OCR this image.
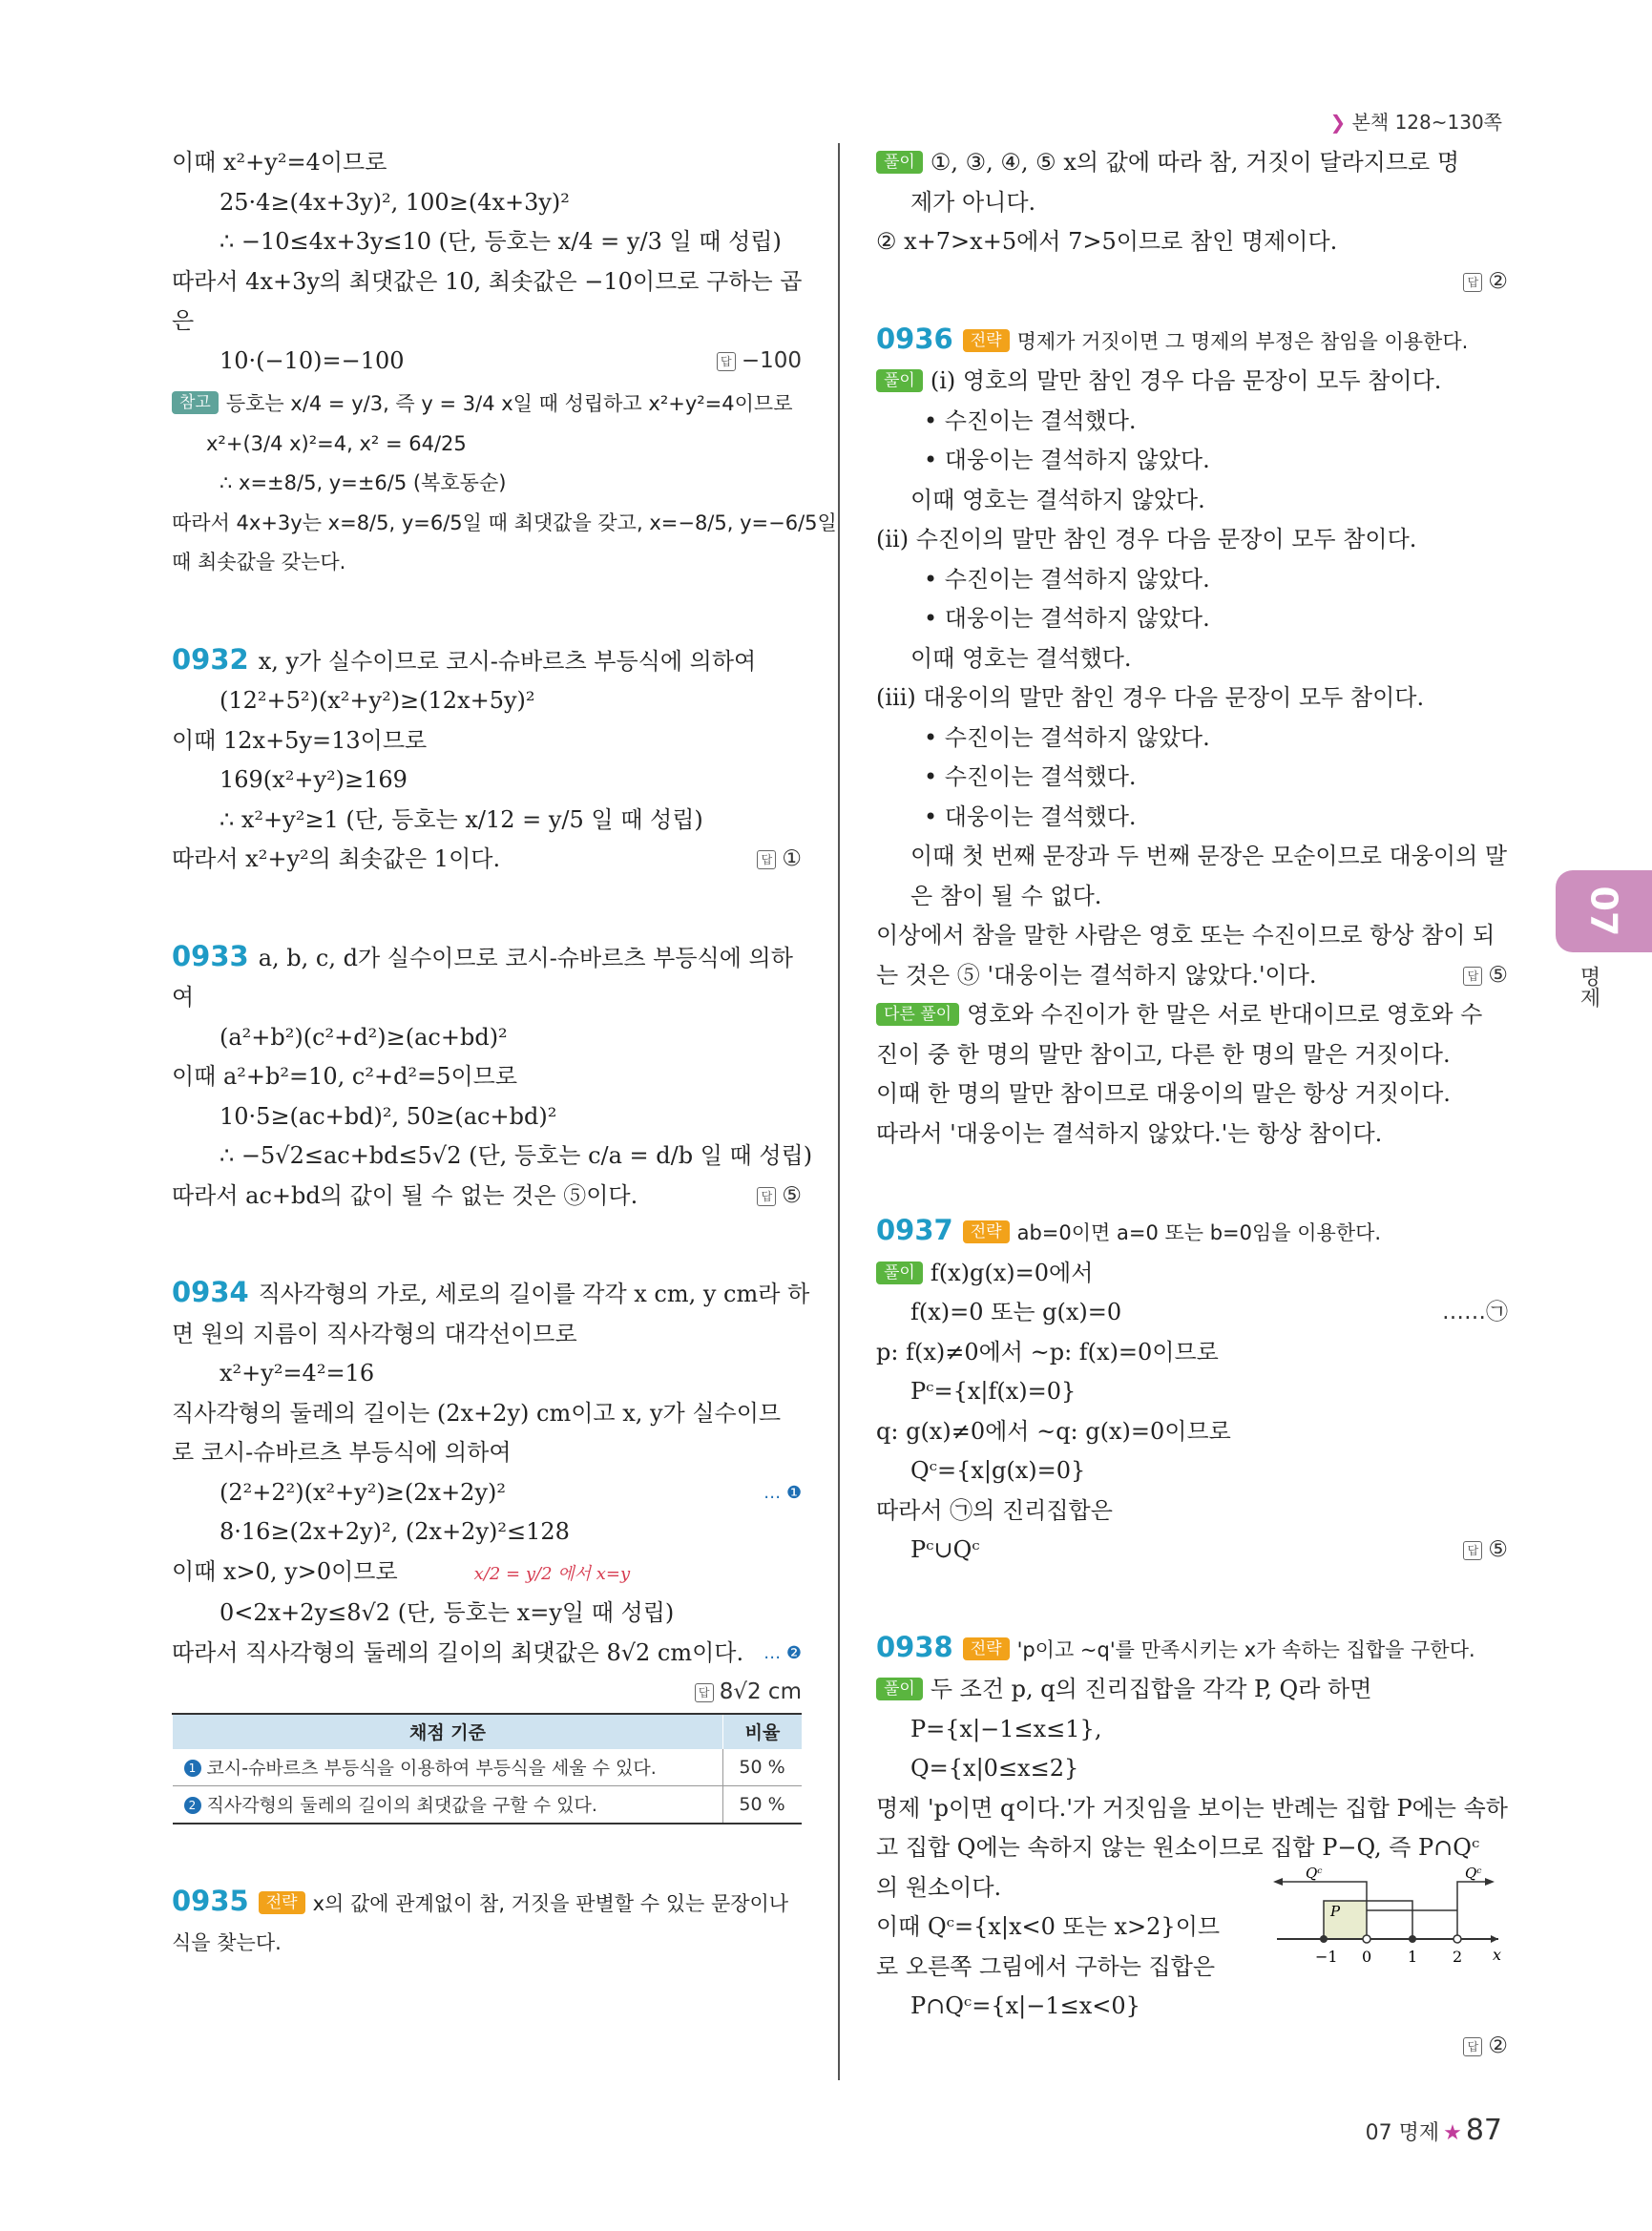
❯ 본책 128~130쪽
이때 x²+y²=4이므로
25·4≥(4x+3y)², 100≥(4x+3y)²
∴ −10≤4x+3y≤10 (단, 등호는 x/4 = y/3 일 때 성립)
따라서 4x+3y의 최댓값은 10, 최솟값은 −10이므로 구하는 곱
은
10·(−10)=−100	답 −100
참고 등호는 x/4 = y/3, 즉 y = 3/4 x일 때 성립하고 x²+y²=4이므로
x²+(3/4 x)²=4, x² = 64/25
∴ x=±8/5, y=±6/5 (복호동순)
따라서 4x+3y는 x=8/5, y=6/5일 때 최댓값을 갖고, x=−8/5, y=−6/5일
때 최솟값을 갖는다.
0932 x, y가 실수이므로 코시-슈바르츠 부등식에 의하여
(12²+5²)(x²+y²)≥(12x+5y)²
이때 12x+5y=13이므로
169(x²+y²)≥169
∴ x²+y²≥1 (단, 등호는 x/12 = y/5 일 때 성립)
따라서 x²+y²의 최솟값은 1이다.	답 ①
0933 a, b, c, d가 실수이므로 코시-슈바르츠 부등식에 의하
여
(a²+b²)(c²+d²)≥(ac+bd)²
이때 a²+b²=10, c²+d²=5이므로
10·5≥(ac+bd)², 50≥(ac+bd)²
∴ −5√2≤ac+bd≤5√2 (단, 등호는 c/a = d/b 일 때 성립)
따라서 ac+bd의 값이 될 수 없는 것은 ⑤이다.	답 ⑤
0934 직사각형의 가로, 세로의 길이를 각각 x cm, y cm라 하
면 원의 지름이 직사각형의 대각선이므로
x²+y²=4²=16
직사각형의 둘레의 길이는 (2x+2y) cm이고 x, y가 실수이므
로 코시-슈바르츠 부등식에 의하여
(2²+2²)(x²+y²)≥(2x+2y)²	… ❶
8·16≥(2x+2y)², (2x+2y)²≤128
이때 x>0, y>0이므로	x/2 = y/2 에서 x=y
0<2x+2y≤8√2 (단, 등호는 x=y일 때 성립)
따라서 직사각형의 둘레의 길이의 최댓값은 8√2 cm이다. … ❷
답 8√2 cm
채점 기준	비율
1 코시-슈바르츠 부등식을 이용하여 부등식을 세울 수 있다.	50 %
2 직사각형의 둘레의 길이의 최댓값을 구할 수 있다.	50 %
0935 전략 x의 값에 관계없이 참, 거짓을 판별할 수 있는 문장이나
식을 찾는다.
풀이 ①, ③, ④, ⑤ x의 값에 따라 참, 거짓이 달라지므로 명
제가 아니다.
② x+7>x+5에서 7>5이므로 참인 명제이다.
답 ②
0936 전략 명제가 거짓이면 그 명제의 부정은 참임을 이용한다.
풀이 (i) 영호의 말만 참인 경우 다음 문장이 모두 참이다.
• 수진이는 결석했다.
• 대웅이는 결석하지 않았다.
이때 영호는 결석하지 않았다.
(ii) 수진이의 말만 참인 경우 다음 문장이 모두 참이다.
• 수진이는 결석하지 않았다.
• 대웅이는 결석하지 않았다.
이때 영호는 결석했다.
(iii) 대웅이의 말만 참인 경우 다음 문장이 모두 참이다.
• 수진이는 결석하지 않았다.
• 수진이는 결석했다.
• 대웅이는 결석했다.
이때 첫 번째 문장과 두 번째 문장은 모순이므로 대웅이의 말
은 참이 될 수 없다.
이상에서 참을 말한 사람은 영호 또는 수진이므로 항상 참이 되
는 것은 ⑤ '대웅이는 결석하지 않았다.'이다.	답 ⑤
다른 풀이 영호와 수진이가 한 말은 서로 반대이므로 영호와 수
진이 중 한 명의 말만 참이고, 다른 한 명의 말은 거짓이다.
이때 한 명의 말만 참이므로 대웅이의 말은 항상 거짓이다.
따라서 '대웅이는 결석하지 않았다.'는 항상 참이다.
0937 전략 ab=0이면 a=0 또는 b=0임을 이용한다.
풀이 f(x)g(x)=0에서
f(x)=0 또는 g(x)=0	……㉠
p: f(x)≠0에서 ~p: f(x)=0이므로
Pᶜ={x|f(x)=0}
q: g(x)≠0에서 ~q: g(x)=0이므로
Qᶜ={x|g(x)=0}
따라서 ㉠의 진리집합은
Pᶜ∪Qᶜ	답 ⑤
0938 전략 'p이고 ~q'를 만족시키는 x가 속하는 집합을 구한다.
풀이 두 조건 p, q의 진리집합을 각각 P, Q라 하면
P={x|−1≤x≤1},
Q={x|0≤x≤2}
명제 'p이면 q이다.'가 거짓임을 보이는 반례는 집합 P에는 속하
고 집합 Q에는 속하지 않는 원소이므로 집합 P−Q, 즉 P∩Qᶜ
의 원소이다.
이때 Qᶜ={x|x<0 또는 x>2}이므
로 오른쪽 그림에서 구하는 집합은
P∩Qᶜ={x|−1≤x<0}
답 ②
−1 0 1 2 x
Qᶜ	Qᶜ
P
07
명제
07 명제 ★ 87
